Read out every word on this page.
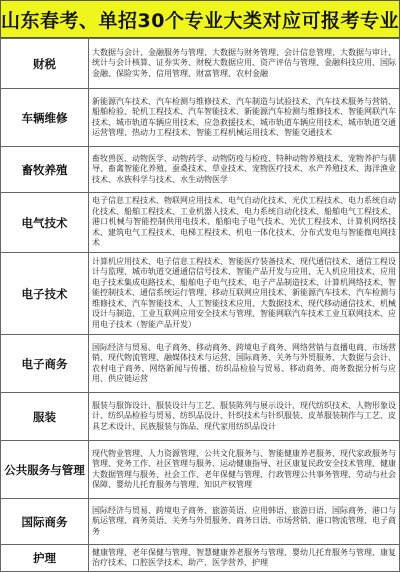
山东春考、单招30个专业大类对应可报考专业
财税	大数据与会计、金融服务与管理、大数据与财务管理、会计信息管理、大数据与审计、统计与会计核算、证券实务、财税大数据应用、资产评估与管理、金融科技应用、国际金融、保险实务、信用管理、财富管理、农村金融
车辆维修	新能源汽车技术、汽车检测与维修技术、汽车制造与试验技术、汽车技术服务与营销、船舶检验、轮机工程技术、汽车智能技术、新能源汽车检测与维修技术、智能网联汽车技术、城市轨道车辆应用技术、应急救援技术、城市轨道车辆应用技术、城市轨道交通运营管理、热动力工程技术、智能工程机械运用技术、智能交通技术
畜牧养殖	畜牧兽医、动物医学、动物药学、动物防疫与检疫、特种动物养殖技术、宠物养护与驯导、畜禽智能化养殖、蚕桑技术、草业技术、宠物医疗技术、水产养殖技术、海洋渔业技术、水族科学与技术、水生动物医学
电气技术	电子信息工程技术、物联网应用技术、电气自动化技术、光伏工程技术、电力系统自动化技术、船舶工程技术、工业机器人技术、电力系统自动化技术、船舶电气工程技术、港口机械与智能控制供用电技术、船舶电子电气技术、光伏工程技术、计算机网络技术、建筑电气工程技术、电梯工程技术、机电一体化技术、分布式发电与智能微电网技术
电子技术	计算机应用技术、电子信息工程技术、智能医疗装备技术、现代通信技术、通信工程设计与监理、城市轨道交通通信信号技术、智能产品开发与应用、无人机应用技术、应用电子技术集成电路技术、船舶电子电气技术、电子产品制造技术、计算机网络技术、智能控制技术、通信系统运行管理、移动互联网应用技术、新能源汽车技术、汽车检测与维修技术、汽车智能技术、人工智能技术应用、大数据技术、现代移动通信技术、机械设计与制造、工业互联网应用安全技术与管理、智能网联汽车技术工业互联网技术、应用电子技术（智能产品开发）
电子商务	国际经济与贸易、电子商务、移动商务、跨境电子商务、网络营销与直播电商、市场营销、现代物流管理、融媒体技术与运营、国际商务、关务与外贸服务、大数据与会计、农村电子商务、网络新闻与传播、纺织品检验与贸易、移动商务、商务数据分析与应用、供应链运营
服装	服装与服饰设计、服装设计与工艺、服装陈列与展示设计、现代纺织技术、人物形象设计、纺织品检验与贸易、纺织品设计、针织技术与针织服装、皮革服装制作与工艺、皮具艺术设计、民族服装与饰品、现代家用纺织品设计
公共服务与管理	现代物业管理、人力资源管理、公共文化服务与、智能健康养老服务、现代家政服务与管理、党务工作、社区管理与服务、运动健康指导、社区康复民政安全技术管理、健康大数据管理与服务、社会工作、老年保健与管理、行政管理公共事务管理、劳动与社会保障、婴幼儿托育服务与管理、知识产权管理
国际商务	国际经济与贸易、跨境电子商务、旅游英语、应用韩语、旅游日语、国际商务、港口与航运管理、商务英语、关务与外贸服务、商务日语、市场营销、港口物流管理、电子商务
护理	健康管理、老年保健与管理、智慧健康养老服务与管理、婴幼儿托育服务与管理、康复治疗技术、口腔医学技术、助产、医学营养、护理
